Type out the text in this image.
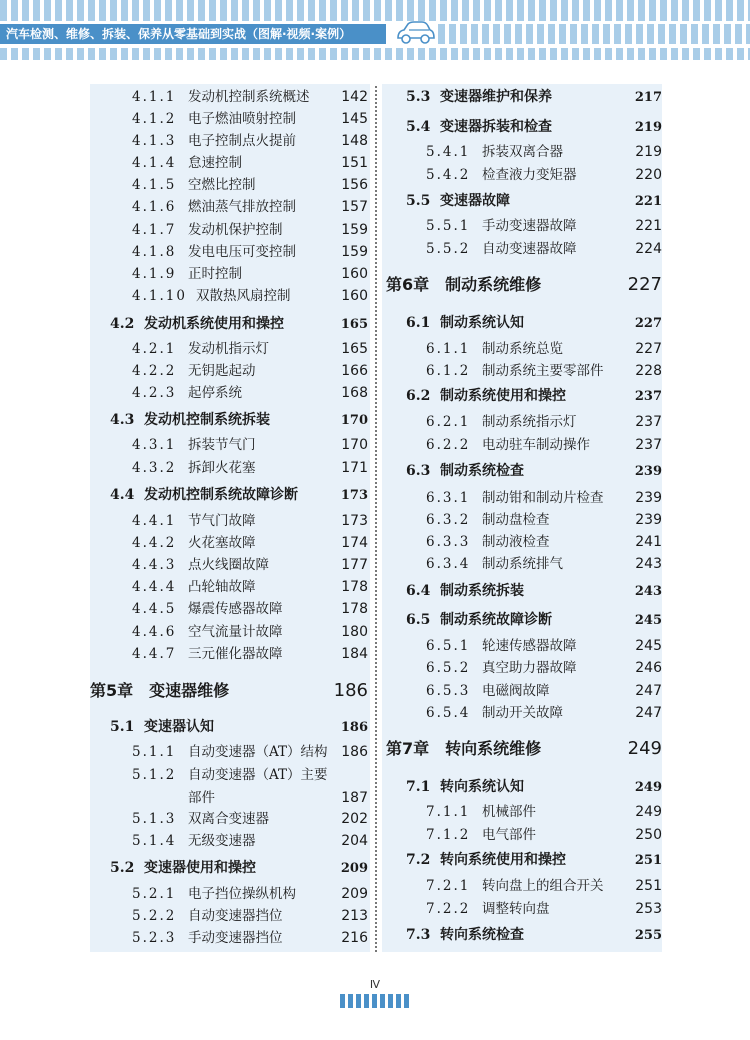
汽车检测、维修、拆装、保养从零基础到实战（图解·视频·案例）
4.1.1 发动机控制系统概述	142
4.1.2 电子燃油喷射控制	145
4.1.3 电子控制点火提前	148
4.1.4 怠速控制	151
4.1.5 空燃比控制	156
4.1.6 燃油蒸气排放控制	157
4.1.7 发动机保护控制	159
4.1.8 发电电压可变控制	159
4.1.9 正时控制	160
4.1.10 双散热风扇控制	160
4.2 发动机系统使用和操控	165
4.2.1 发动机指示灯	165
4.2.2 无钥匙起动	166
4.2.3 起停系统	168
4.3 发动机控制系统拆装	170
4.3.1 拆装节气门	170
4.3.2 拆卸火花塞	171
4.4 发动机控制系统故障诊断	173
4.4.1 节气门故障	173
4.4.2 火花塞故障	174
4.4.3 点火线圈故障	177
4.4.4 凸轮轴故障	178
4.4.5 爆震传感器故障	178
4.4.6 空气流量计故障	180
4.4.7 三元催化器故障	184
第5章　变速器维修	186
5.1 变速器认知	186
5.1.1 自动变速器（AT）结构 186
5.1.2 自动变速器（AT）主要
部件	187
5.1.3 双离合变速器	202
5.1.4 无级变速器	204
5.2 变速器使用和操控	209
5.2.1 电子挡位操纵机构	209
5.2.2 自动变速器挡位	213
5.2.3 手动变速器挡位	216
5.3 变速器维护和保养	217
5.4 变速器拆装和检查	219
5.4.1 拆装双离合器	219
5.4.2 检查液力变矩器	220
5.5 变速器故障	221
5.5.1 手动变速器故障	221
5.5.2 自动变速器故障	224
第6章　制动系统维修	227
6.1 制动系统认知	227
6.1.1 制动系统总览	227
6.1.2 制动系统主要零部件	228
6.2 制动系统使用和操控	237
6.2.1 制动系统指示灯	237
6.2.2 电动驻车制动操作	237
6.3 制动系统检查	239
6.3.1 制动钳和制动片检查	239
6.3.2 制动盘检查	239
6.3.3 制动液检查	241
6.3.4 制动系统排气	243
6.4 制动系统拆装	243
6.5 制动系统故障诊断	245
6.5.1 轮速传感器故障	245
6.5.2 真空助力器故障	246
6.5.3 电磁阀故障	247
6.5.4 制动开关故障	247
第7章　转向系统维修	249
7.1 转向系统认知	249
7.1.1 机械部件	249
7.1.2 电气部件	250
7.2 转向系统使用和操控	251
7.2.1 转向盘上的组合开关	251
7.2.2 调整转向盘	253
7.3 转向系统检查	255
Ⅳ
